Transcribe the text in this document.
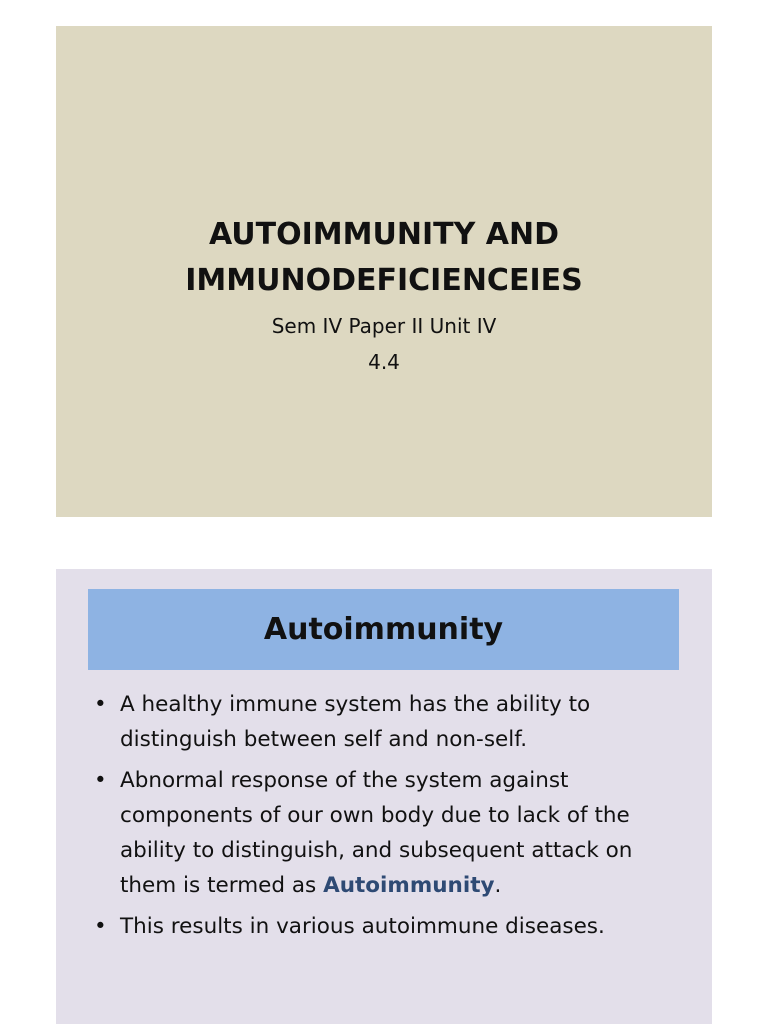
AUTOIMMUNITY AND
IMMUNODEFICIENCEIES
Sem IV Paper II Unit IV
4.4
Autoimmunity
• A healthy immune system has the ability to distinguish between self and non-self.
• Abnormal response of the system against components of our own body due to lack of the ability to distinguish, and subsequent attack on them is termed as Autoimmunity.
• This results in various autoimmune diseases.
